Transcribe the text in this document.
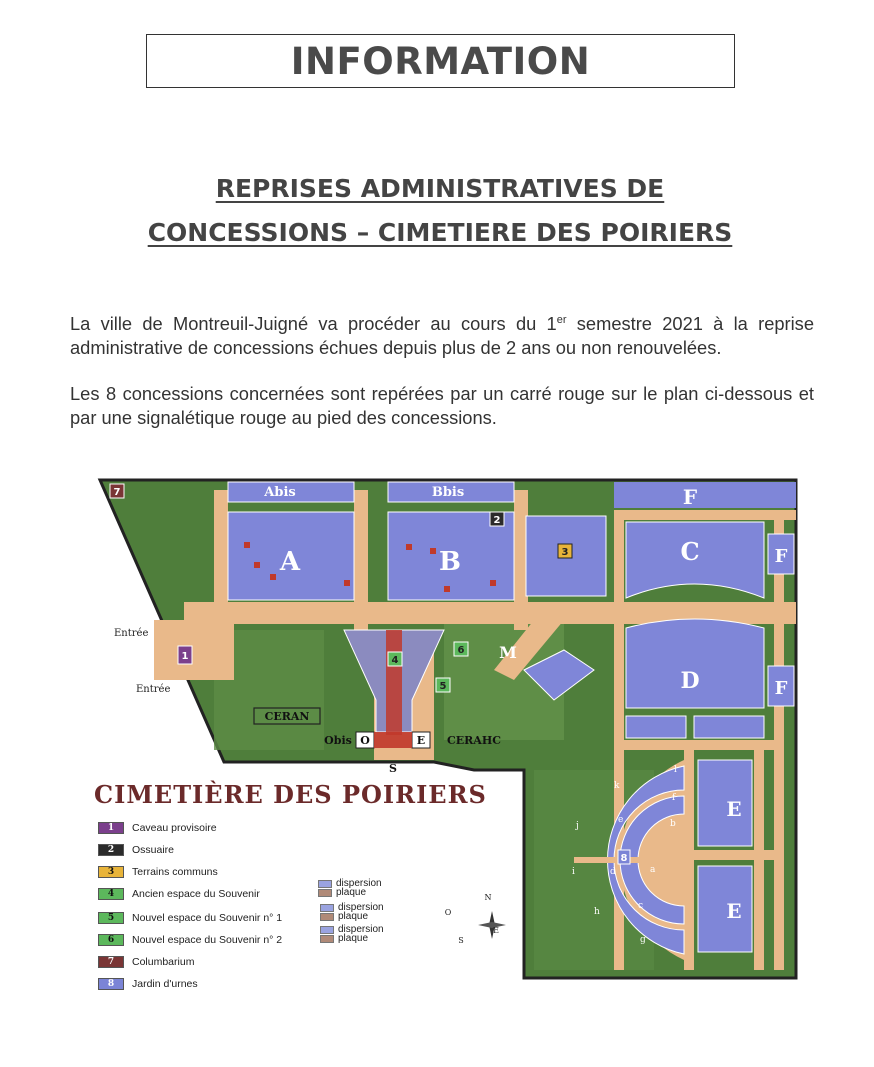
INFORMATION
REPRISES ADMINISTRATIVES DE
CONCESSIONS – CIMETIERE DES POIRIERS

La ville de Montreuil-Juigné va procéder au cours du 1er semestre 2021 à la reprise administrative de concessions échues depuis plus de 2 ans ou non renouvelées.

Les 8 concessions concernées sont repérées par un carré rouge sur le plan ci-dessous et par une signalétique rouge au pied des concessions.

Abis	Bbis
A	B	C
D
E
E
F
F
F
M
7
2
3
1	4
5
6
8
Entrée
Entrée
CERAN
CERAHC
Obis O	E
S	l
k
f
e	b
j
i	d	a
c
h
g
N
S
E
O
CIMETIÈRE DES POIRIERS
1	Caveau provisoire
2	Ossuaire
3	Terrains communs
4	Ancien espace du Souvenir
5	Nouvel espace du Souvenir n° 1
6	Nouvel espace du Souvenir n° 2
7	Columbarium
8	Jardin d'urnes
dispersion
plaque
dispersion
plaque
dispersion
plaque
